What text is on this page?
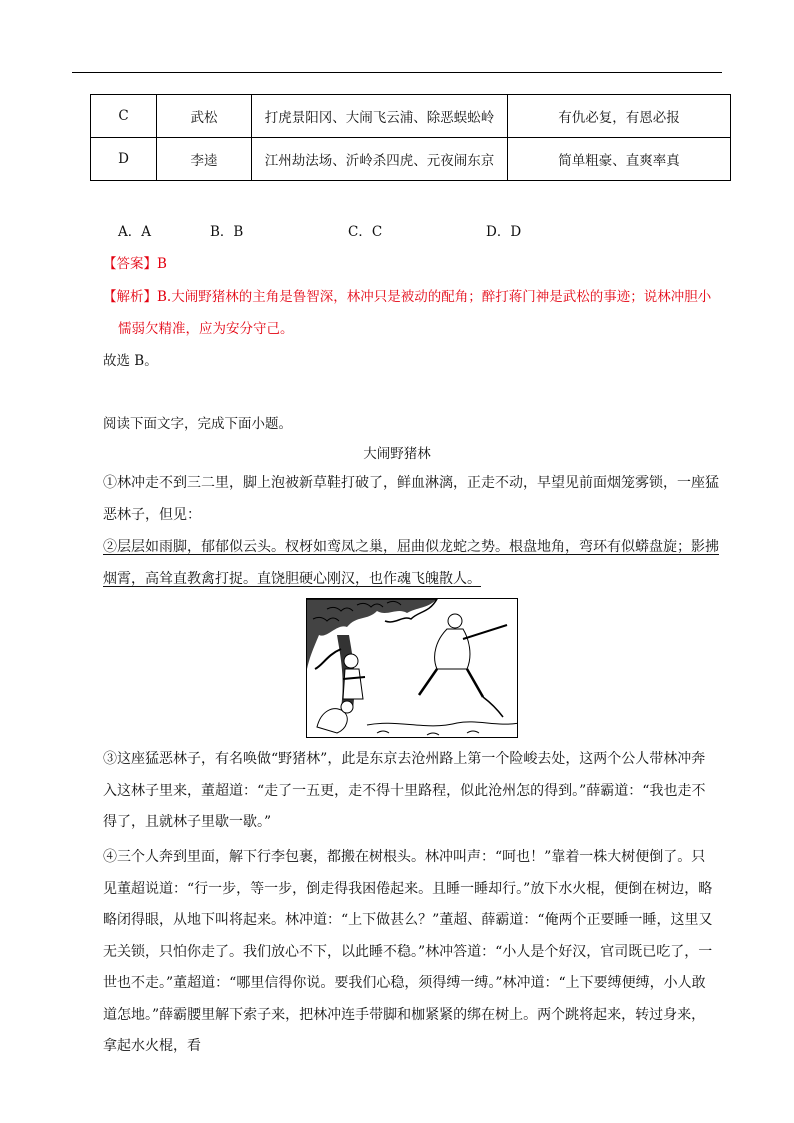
C	武松	打虎景阳冈、大闹飞云浦、除恶蜈蚣岭	有仇必复，有恩必报
D	李逵	江州劫法场、沂岭杀四虎、元夜闹东京	简单粗豪、直爽率真
A．A	B．B	C．C	D．D
【答案】B
【解析】B.大闹野猪林的主角是鲁智深，林冲只是被动的配角；醉打蒋门神是武松的事迹；说林冲胆小
懦弱欠精准，应为安分守己。
故选 B。
阅读下面文字，完成下面小题。
大闹野猪林
①林冲走不到三二里，脚上泡被新草鞋打破了，鲜血淋漓，正走不动，早望见前面烟笼雾锁，一座猛恶林子，但见：
②层层如雨脚，郁郁似云头。杈枒如鸾凤之巢，屈曲似龙蛇之势。根盘地角，弯环有似蟒盘旋；影拂烟霄，高耸直教禽打捉。直饶胆硬心刚汉，也作魂飞魄散人。
③这座猛恶林子，有名唤做“野猪林”，此是东京去沧州路上第一个险峻去处，这两个公人带林冲奔入这林子里来，董超道：“走了一五更，走不得十里路程，似此沧州怎的得到。”薛霸道：“我也走不得了，且就林子里歇一歇。”
④三个人奔到里面，解下行李包裹，都搬在树根头。林冲叫声：“呵也！”靠着一株大树便倒了。只见董超说道：“行一步，等一步，倒走得我困倦起来。且睡一睡却行。”放下水火棍，便倒在树边，略略闭得眼，从地下叫将起来。林冲道：“上下做甚么？”董超、薛霸道：“俺两个正要睡一睡，这里又无关锁，只怕你走了。我们放心不下，以此睡不稳。”林冲答道：“小人是个好汉，官司既已吃了，一世也不走。”董超道：“哪里信得你说。要我们心稳，须得缚一缚。”林冲道：“上下要缚便缚，小人敢道怎地。”薛霸腰里解下索子来，把林冲连手带脚和枷紧紧的绑在树上。两个跳将起来，转过身来，拿起水火棍，看
